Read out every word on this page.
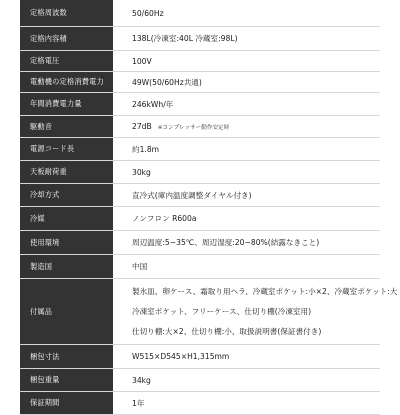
定格周波数	50/60Hz
定格内容積	138L(冷凍室:40L 冷蔵室:98L)
定格電圧	100V
電動機の定格消費電力	49W(50/60Hz共通)
年間消費電力量	246kWh/年
駆動音	27dB ※コンプレッサー動作安定時
電源コード長	約1.8m
天板耐荷重	30kg
冷却方式	直冷式(庫内温度調整ダイヤル付き)
冷媒	ノンフロン R600a
使用環境	周辺温度:5~35℃、周辺湿度:20~80%(結露なきこと)
製造国	中国
付属品
製氷皿、卵ケース、霜取り用ヘラ、冷蔵室ポケット:小×2、冷蔵室ポケット:大
冷凍室ポケット、フリーケース、仕切り棚(冷凍室用)
仕切り棚:大×2、仕切り棚:小、取扱説明書(保証書付き)
梱包寸法	W515×D545×H1,315mm
梱包重量	34kg
保証期間	1年
